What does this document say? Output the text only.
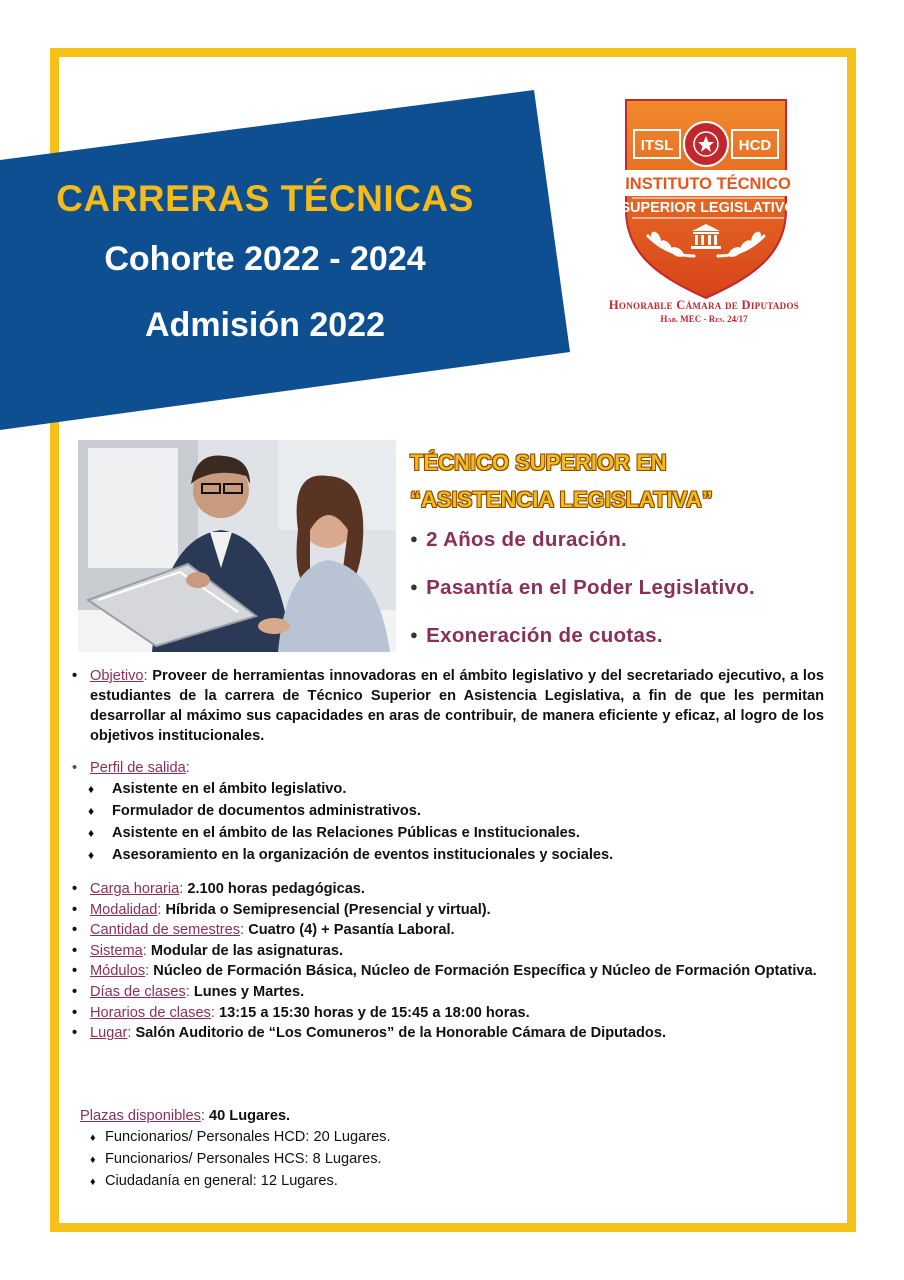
CARRERAS TÉCNICAS
Cohorte 2022 - 2024
Admisión 2022
ITSL	HCD
INSTITUTO TÉCNICO
SUPERIOR LEGISLATIVO
Honorable Cámara de Diputados
Hab. MEC - Res. 24/17
TÉCNICO SUPERIOR EN
“ASISTENCIA LEGISLATIVA”
● 2 Años de duración.
● Pasantía en el Poder Legislativo.
● Exoneración de cuotas.
• Objetivo: Proveer de herramientas innovadoras en el ámbito legislativo y del secretariado ejecutivo, a los estudiantes de la carrera de Técnico Superior en Asistencia Legislativa, a fin de que les permitan desarrollar al máximo sus capacidades en aras de contribuir, de manera eficiente y eficaz, al logro de los objetivos institucionales.
• Perfil de salida:
♦ Asistente en el ámbito legislativo.
♦ Formulador de documentos administrativos.
♦ Asistente en el ámbito de las Relaciones Públicas e Institucionales.
♦ Asesoramiento en la organización de eventos institucionales y sociales.
• Carga horaria: 2.100 horas pedagógicas.
• Modalidad: Híbrida o Semipresencial (Presencial y virtual).
• Cantidad de semestres: Cuatro (4) + Pasantía Laboral.
• Sistema: Modular de las asignaturas.
• Módulos: Núcleo de Formación Básica, Núcleo de Formación Específica y Núcleo de Formación Optativa.
• Días de clases: Lunes y Martes.
• Horarios de clases: 13:15 a 15:30 horas y de 15:45 a 18:00 horas.
• Lugar: Salón Auditorio de “Los Comuneros” de la Honorable Cámara de Diputados.
Plazas disponibles: 40 Lugares.
♦ Funcionarios/ Personales HCD: 20 Lugares.
♦ Funcionarios/ Personales HCS: 8 Lugares.
♦ Ciudadanía en general: 12 Lugares.
